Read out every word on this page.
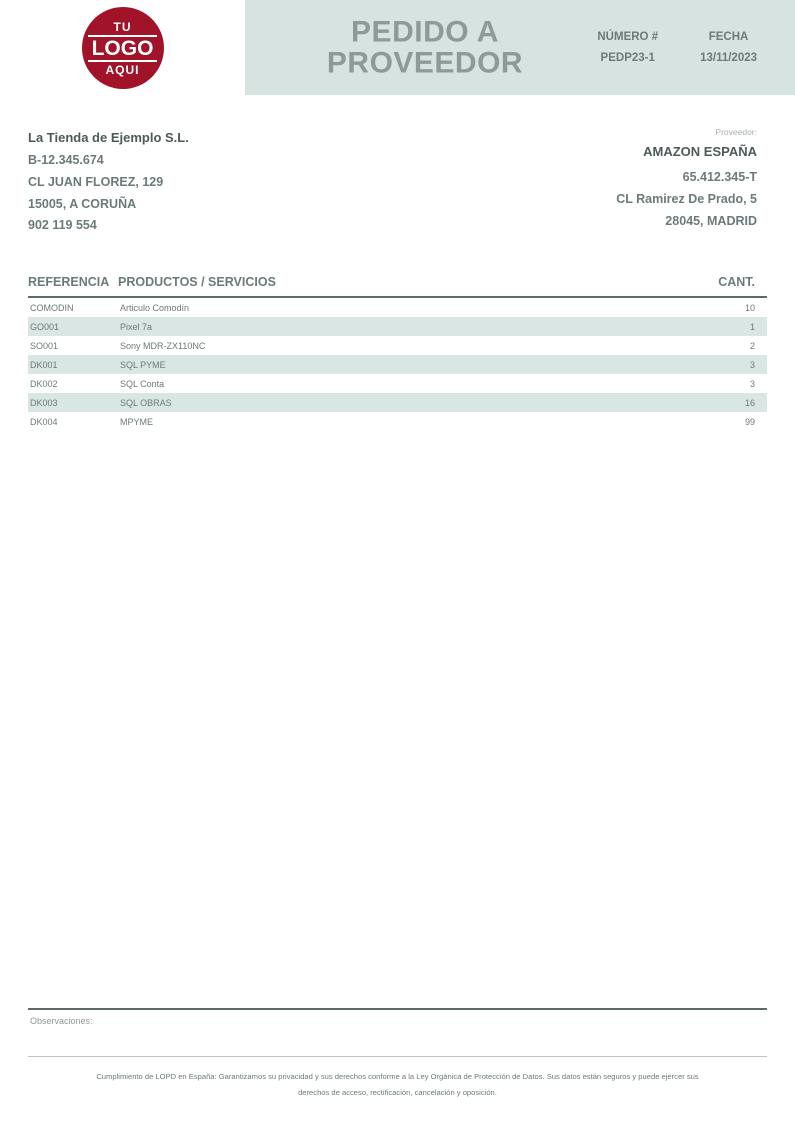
TU
LOGO
AQUI
PEDIDO A PROVEEDOR
NÚMERO #
PEDP23-1
FECHA
13/11/2023
La Tienda de Ejemplo S.L.
B-12.345.674
CL JUAN FLOREZ, 129
15005, A CORUÑA
902 119 554
Proveedor:
AMAZON ESPAÑA
65.412.345-T
CL Ramirez De Prado, 5
28045, MADRID
REFERENCIA	PRODUCTOS / SERVICIOS	CANT.
COMODIN	Articulo Comodín	10
GO001	Pixel 7a	1
SO001	Sony MDR-ZX110NC	2
DK001	SQL PYME	3
DK002	SQL Conta	3
DK003	SQL OBRAS	16
DK004	MPYME	99
Observaciones:
Cumplimiento de LOPD en España: Garantizamos su privacidad y sus derechos conforme a la Ley Orgánica de Protección de Datos. Sus datos están seguros y puede ejercer sus
derechos de acceso, rectificación, cancelación y oposición.
